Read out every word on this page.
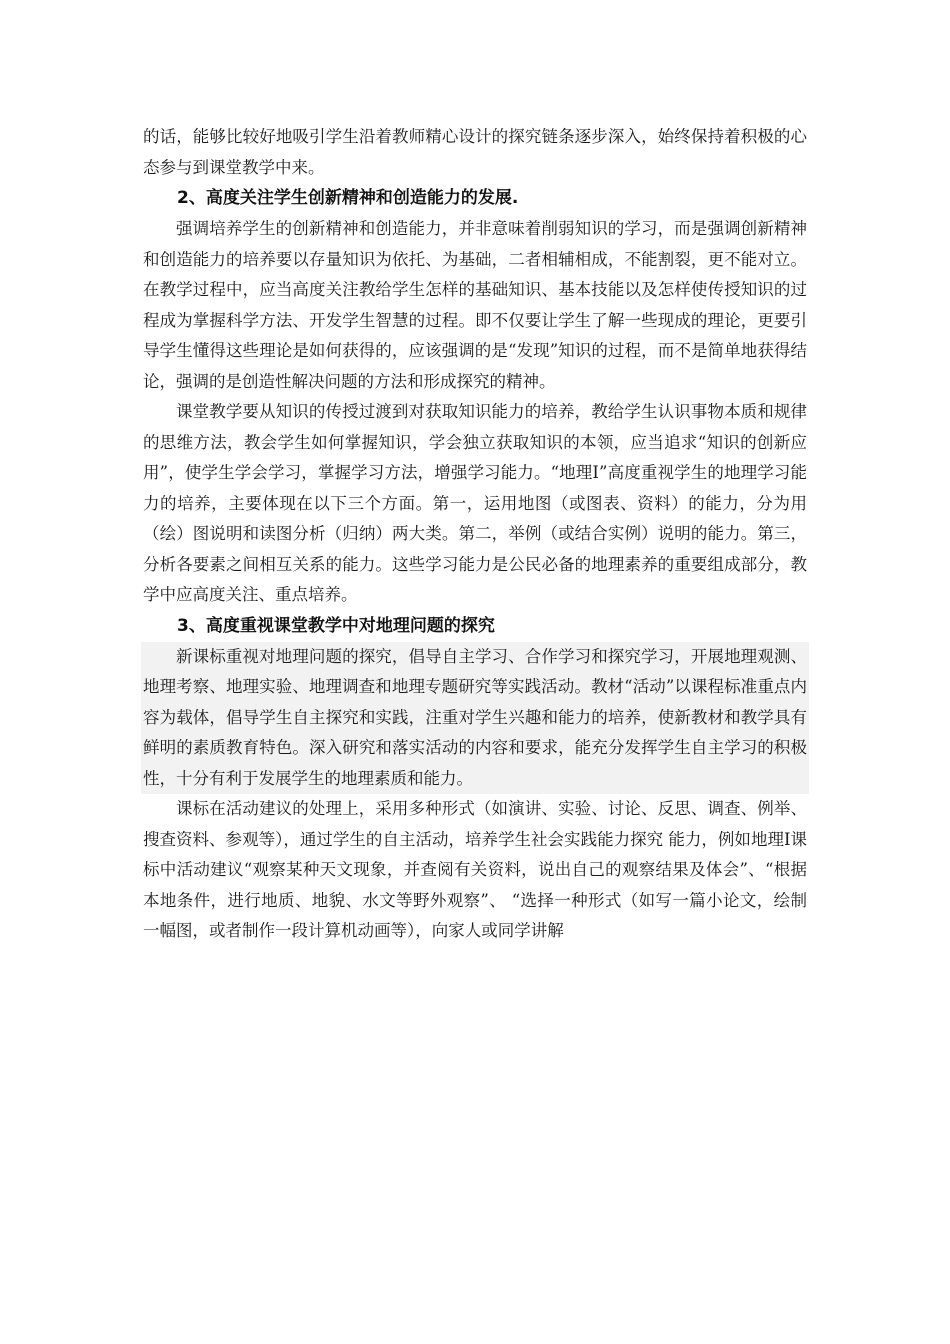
的话，能够比较好地吸引学生沿着教师精心设计的探究链条逐步深入，始终保持着积极的心态参与到课堂教学中来。

2、高度关注学生创新精神和创造能力的发展.

强调培养学生的创新精神和创造能力，并非意味着削弱知识的学习，而是强调创新精神和创造能力的培养要以存量知识为依托、为基础，二者相辅相成，不能割裂，更不能对立。在教学过程中，应当高度关注教给学生怎样的基础知识、基本技能以及怎样使传授知识的过程成为掌握科学方法、开发学生智慧的过程。即不仅要让学生了解一些现成的理论，更要引导学生懂得这些理论是如何获得的，应该强调的是“发现”知识的过程，而不是简单地获得结论，强调的是创造性解决问题的方法和形成探究的精神。

课堂教学要从知识的传授过渡到对获取知识能力的培养，教给学生认识事物本质和规律的思维方法，教会学生如何掌握知识，学会独立获取知识的本领，应当追求“知识的创新应用”，使学生学会学习，掌握学习方法，增强学习能力。“地理Ⅰ”高度重视学生的地理学习能力的培养，主要体现在以下三个方面。第一，运用地图（或图表、资料）的能力，分为用（绘）图说明和读图分析（归纳）两大类。第二，举例（或结合实例）说明的能力。第三，分析各要素之间相互关系的能力。这些学习能力是公民必备的地理素养的重要组成部分，教学中应高度关注、重点培养。

3、高度重视课堂教学中对地理问题的探究

新课标重视对地理问题的探究，倡导自主学习、合作学习和探究学习，开展地理观测、地理考察、地理实验、地理调查和地理专题研究等实践活动。教材“活动”以课程标准重点内容为载体，倡导学生自主探究和实践，注重对学生兴趣和能力的培养，使新教材和教学具有鲜明的素质教育特色。深入研究和落实活动的内容和要求，能充分发挥学生自主学习的积极性，十分有利于发展学生的地理素质和能力。

课标在活动建议的处理上，采用多种形式（如演讲、实验、讨论、反思、调查、例举、搜查资料、参观等），通过学生的自主活动，培养学生社会实践能力探究 能力，例如地理Ⅰ课标中活动建议“观察某种天文现象，并查阅有关资料，说出自己的观察结果及体会”、“根据本地条件，进行地质、地貌、水文等野外观察”、 “选择一种形式（如写一篇小论文，绘制一幅图，或者制作一段计算机动画等），向家人或同学讲解
